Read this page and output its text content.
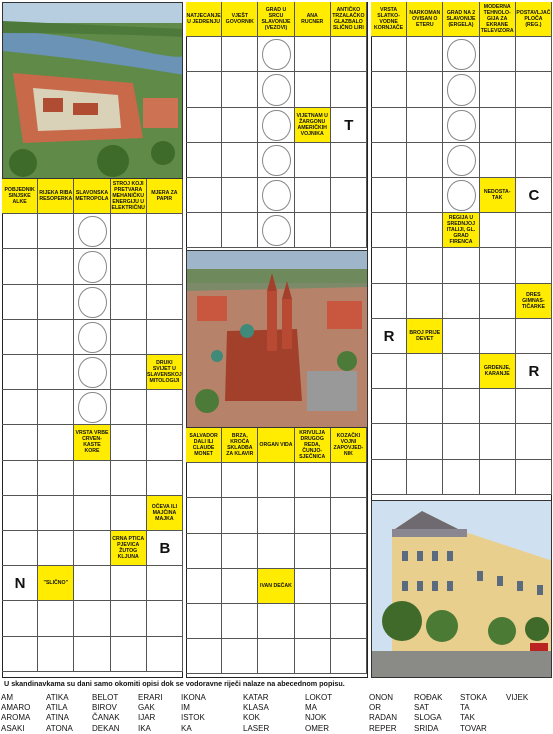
POBJEDNIK SINJSKE ALKE
RIJEKA RIBA RESOPERKA
SLAVONSKA METROPOLA
STROJ KOJI PRETVARA MEHANIČKU ENERGIJU U ELEKTRIČNU
MJERA ZA PAPIR
DRUKI SVIJET U SLAVENSKOJ MITOLOGIJI
VRSTA VRBE CRVEN-KASTE KORE
OČEVA ILI MAJČINA MAJKA
CRNA PTICA PJEVICA ŽUTOG KLJUNA	B
"SLIČNO"
N
NATJECANJE U JEDRENJU
VJEŠT GOVORNIK
GRAD U SRCU SLAVONIJE (VEZOVI)
ANA RUCNER
ANTIČKO TRZALAČKO GLAZBALO SLIČNO LIRI
VIJETNAM U ŽARGONU AMERIČKIH VOJNIKA	T
SALVADOR DALI ILI CLAUDE MONET
BRZA, KROĆA SKLADBA ZA KLAVIR
ORGAN VIDA
KRIVULJA DRUGOG REDA, ČUNJO-SJEČNICA
KOZAČKI VOJNI ZAPOVJED-NIK
IVAN DEČAK
VRSTA SLATKO-VODNE KORNJAČE
NARKOMAN OVISAN O ETERU
GRAD NA 2 SLAVONIJE (ERGELA)
MODERNA TEHNOLO-GIJA ZA EKRANE TELEVIZORA
POSTAVLJAČ PLOČA (REG.)
NEDOSTA-TAK	C
REGIJA U SREDNJOJ ITALIJI, GL. GRAD FIRENCA
DRES GIMNAS-TIČARKE
BROJ PRIJE DEVET
R
GRDENJE, KARANJE	R
U skandinavkama su dani samo okomiti opisi dok se vodoravne riječi nalaze na abecednom popisu.
AM
AMARO
AROMA
ASAKI
ATIKA
ATILA
ATINA
ATONA
BELOT
BIROV
ČANAK
DEKAN
ERARI
GAK
IJAR
IKA
IKONA
IM
ISTOK
KA
KATAR
KLASA
KOK
LASER
LOKOT
MA
NJOK
OMER
ONON
OR
RADAN
REPER
ROĐAK
SAT
SLOGA
SRIDA
STOKA
TA
TAK
TOVAR
VIJEK
